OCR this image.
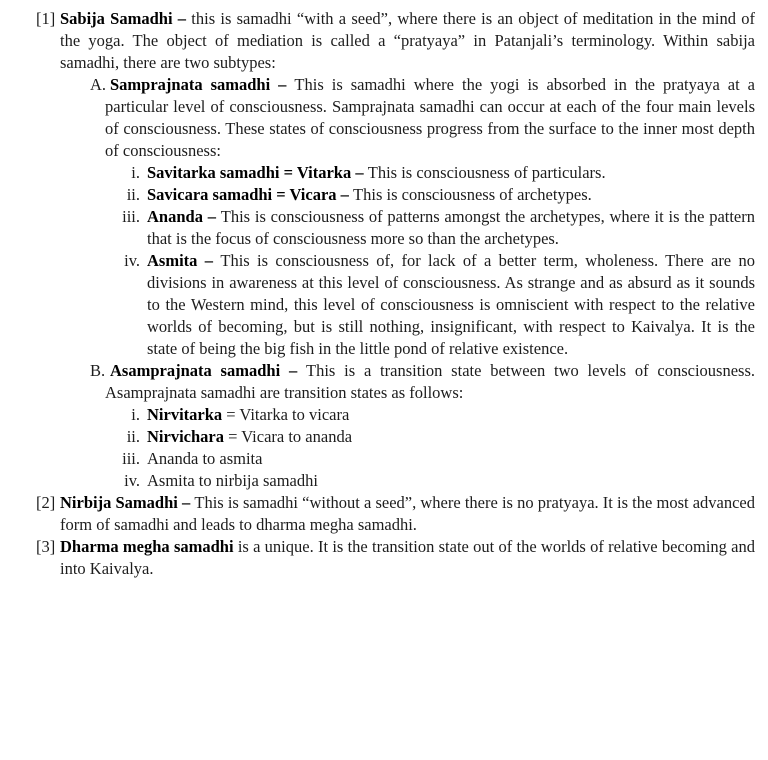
[1] Sabija Samadhi – this is samadhi “with a seed”, where there is an object of meditation in the mind of the yoga. The object of mediation is called a “pratyaya” in Patanjali’s terminology. Within sabija samadhi, there are two subtypes:

A. Samprajnata samadhi – This is samadhi where the yogi is absorbed in the pratyaya at a particular level of consciousness. Samprajnata samadhi can occur at each of the four main levels of consciousness. These states of consciousness progress from the surface to the inner most depth of consciousness:

i. Savitarka samadhi = Vitarka – This is consciousness of particulars.

ii. Savicara samadhi = Vicara – This is consciousness of archetypes.

iii. Ananda – This is consciousness of patterns amongst the archetypes, where it is the pattern that is the focus of consciousness more so than the archetypes.

iv. Asmita – This is consciousness of, for lack of a better term, wholeness. There are no divisions in awareness at this level of consciousness. As strange and as absurd as it sounds to the Western mind, this level of consciousness is omniscient with respect to the relative worlds of becoming, but is still nothing, insignificant, with respect to Kaivalya. It is the state of being the big fish in the little pond of relative existence.

B. Asamprajnata samadhi – This is a transition state between two levels of consciousness. Asamprajnata samadhi are transition states as follows:

i. Nirvitarka = Vitarka to vicara

ii. Nirvichara = Vicara to ananda

iii. Ananda to asmita

iv. Asmita to nirbija samadhi

[2] Nirbija Samadhi – This is samadhi “without a seed”, where there is no pratyaya. It is the most advanced form of samadhi and leads to dharma megha samadhi.

[3] Dharma megha samadhi is a unique. It is the transition state out of the worlds of relative becoming and into Kaivalya.
